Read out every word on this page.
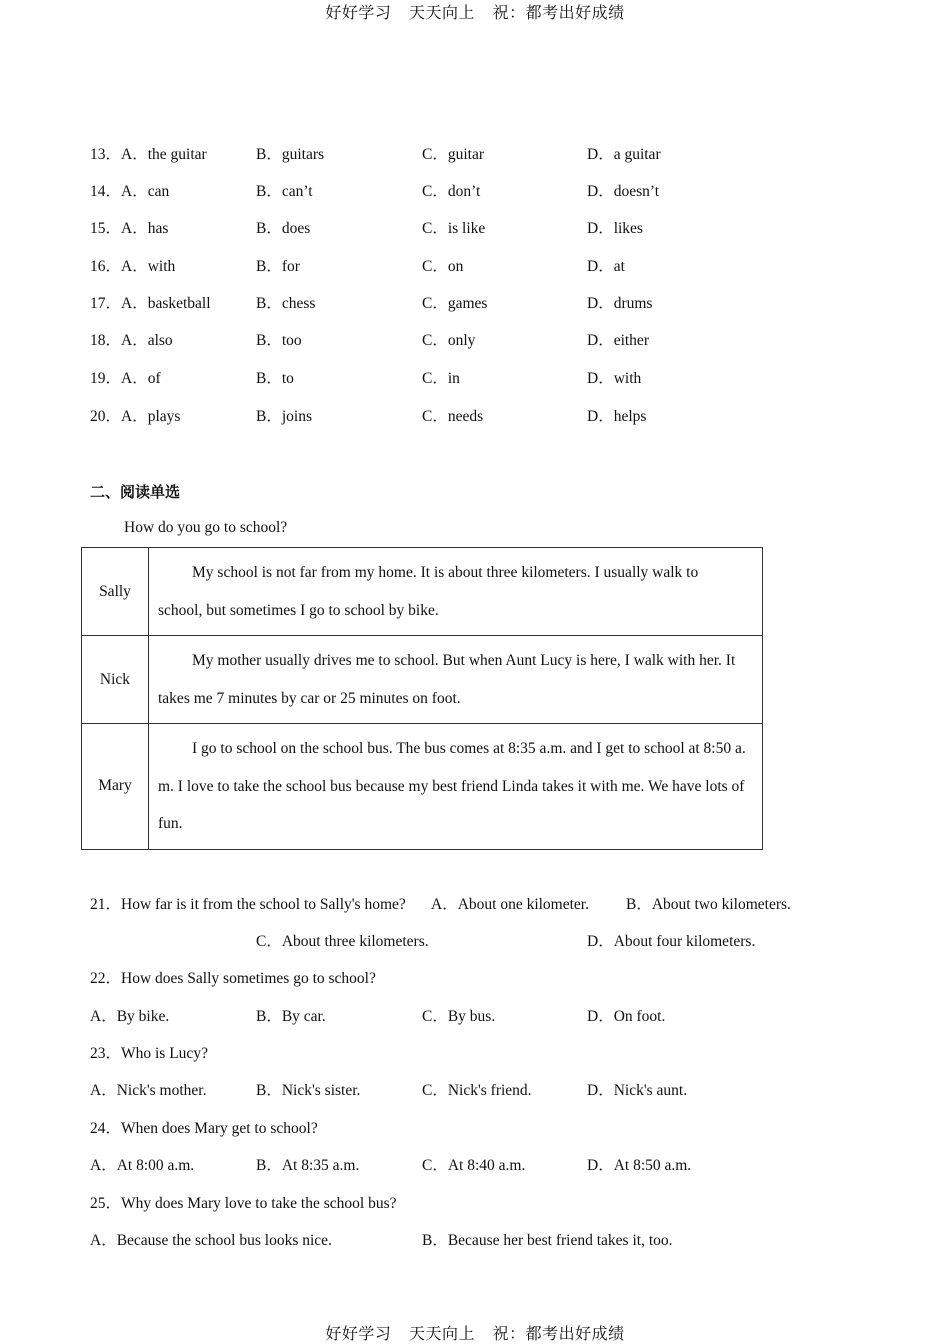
好好学习 天天向上 祝：都考出好成绩
13．A．the guitar	B．guitars	C．guitar	D．a guitar
14．A．can	B．can’t	C．don’t	D．doesn’t
15．A．has	B．does	C．is like	D．likes
16．A．with	B．for	C．on	D．at
17．A．basketball	B．chess	C．games	D．drums
18．A．also	B．too	C．only	D．either
19．A．of	B．to	C．in	D．with
20．A．plays	B．joins	C．needs	D．helps
二、阅读单选
How do you go to school?
Sally	My school is not far from my home. It is about three kilometers. I usually walk to school, but sometimes I go to school by bike.
Nick	My mother usually drives me to school. But when Aunt Lucy is here, I walk with her. It takes me 7 minutes by car or 25 minutes on foot.
Mary	I go to school on the school bus. The bus comes at 8:35 a.m. and I get to school at 8:50 a. m. I love to take the school bus because my best friend Linda takes it with me. We have lots of fun.
21．How far is it from the school to Sally's home? A．About one kilometer. B．About two kilometers.
C．About three kilometers.	D．About four kilometers.
22．How does Sally sometimes go to school?
A．By bike.	B．By car.	C．By bus.	D．On foot.
23．Who is Lucy?
A．Nick's mother.	B．Nick's sister.	C．Nick's friend.	D．Nick's aunt.
24．When does Mary get to school?
A．At 8:00 a.m.	B．At 8:35 a.m.	C．At 8:40 a.m.	D．At 8:50 a.m.
25．Why does Mary love to take the school bus?
A．Because the school bus looks nice.	B．Because her best friend takes it, too.
好好学习 天天向上 祝：都考出好成绩
